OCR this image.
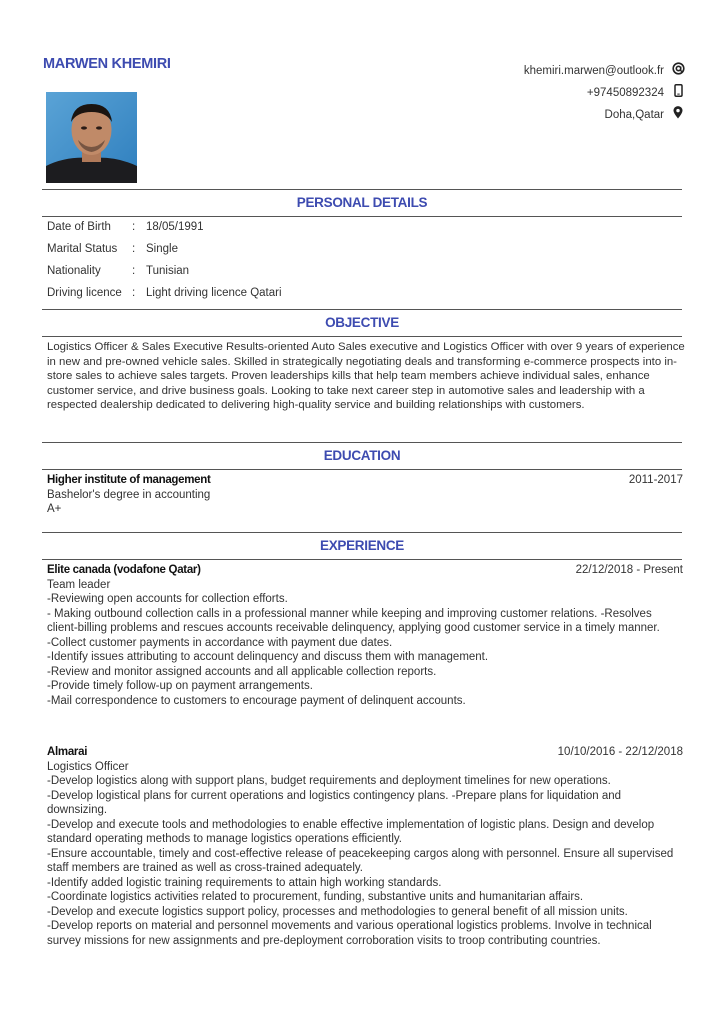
MARWEN KHEMIRI	khemiri.marwen@outlook.fr
+97450892324
Doha,Qatar
PERSONAL DETAILS
Date of Birth	: 18/05/1991
Marital Status	: Single
Nationality	: Tunisian
Driving licence : Light driving licence Qatari
OBJECTIVE

Logistics Officer & Sales Executive Results-oriented Auto Sales executive and Logistics Officer with over 9 years of experience in new and pre-owned vehicle sales. Skilled in strategically negotiating deals and transforming e-commerce prospects into in-store sales to achieve sales targets. Proven leaderships kills that help team members achieve individual sales, enhance customer service, and drive business goals. Looking to take next career step in automotive sales and leadership with a respected dealership dedicated to delivering high-quality service and building relationships with customers.

EDUCATION
Higher institute of management	2011-2017
Bashelor's degree in accounting
A+
EXPERIENCE
Elite canada (vodafone Qatar)	22/12/2018 - Present
Team leader

-Reviewing open accounts for collection efforts.

- Making outbound collection calls in a professional manner while keeping and improving customer relations. -Resolves client-billing problems and rescues accounts receivable delinquency, applying good customer service in a timely manner.

-Collect customer payments in accordance with payment due dates.

-Identify issues attributing to account delinquency and discuss them with management.

-Review and monitor assigned accounts and all applicable collection reports.

-Provide timely follow-up on payment arrangements.

-Mail correspondence to customers to encourage payment of delinquent accounts.

Almarai	10/10/2016 - 22/12/2018
Logistics Officer

-Develop logistics along with support plans, budget requirements and deployment timelines for new operations.

-Develop logistical plans for current operations and logistics contingency plans. -Prepare plans for liquidation and downsizing.

-Develop and execute tools and methodologies to enable effective implementation of logistic plans. Design and develop standard operating methods to manage logistics operations efficiently.

-Ensure accountable, timely and cost-effective release of peacekeeping cargos along with personnel. Ensure all supervised staff members are trained as well as cross-trained adequately.

-Identify added logistic training requirements to attain high working standards.

-Coordinate logistics activities related to procurement, funding, substantive units and humanitarian affairs.

-Develop and execute logistics support policy, processes and methodologies to general benefit of all mission units.

-Develop reports on material and personnel movements and various operational logistics problems. Involve in technical survey missions for new assignments and pre-deployment corroboration visits to troop contributing countries.
